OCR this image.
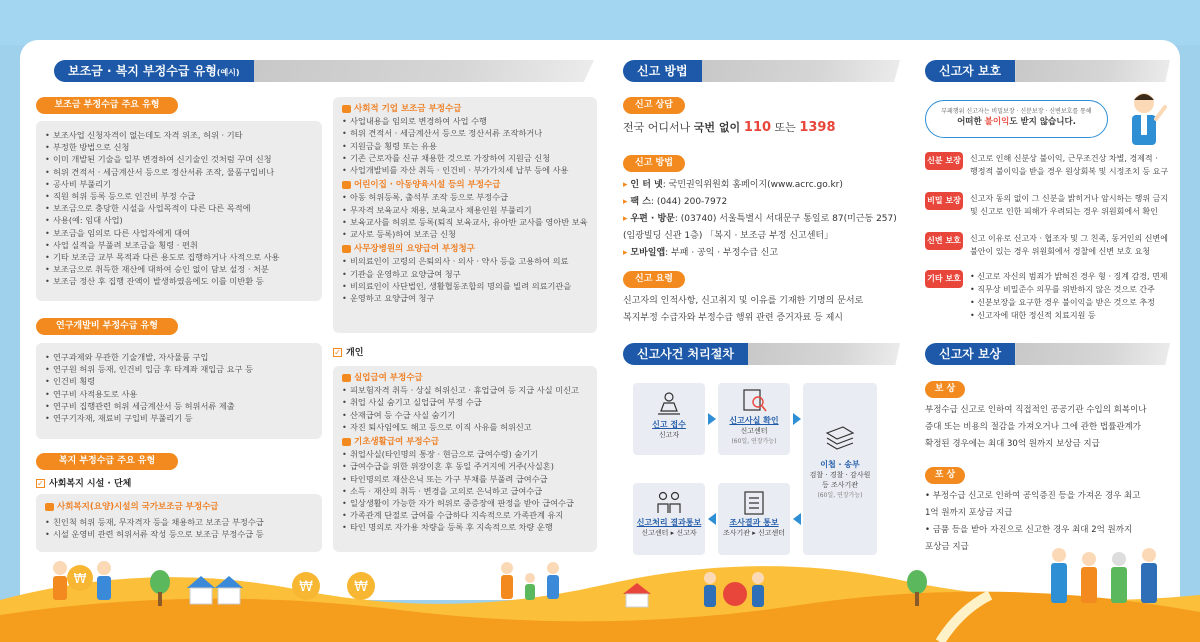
보조금 · 복지 부정수급 유형(예시)
보조금 부정수급 주요 유형
• 보조사업 신청자격이 없는데도 자격 위조, 허위 · 기타
• 부정한 방법으로 신청
• 이미 개발된 기술을 일부 변경하여 신기술인 것처럼 꾸며 신청
• 허위 견적서 · 세금계산서 등으로 정산서류 조작, 물품구입비나
• 공사비 부풀리기
• 직원 허위 등록 등으로 인건비 부정 수급
• 보조금으로 충당한 시설을 사업목적이 다른 다른 목적에
• 사용(예: 임대 사업)
• 보조금을 임의로 다른 사업자에게 대여
• 사업 실적을 부풀려 보조금을 횡령 · 편취
• 기타 보조금 교부 목적과 다른 용도로 집행하거나 사적으로 사용
• 보조금으로 취득한 재산에 대하여 승인 없이 담보 설정 · 처분
• 보조금 정산 후 집행 잔액이 발생하였음에도 이를 미반환 등
연구개발비 부정수급 유형
• 연구과제와 무관한 기술개발, 자사물품 구입
• 연구원 허위 등재, 인건비 입금 후 타계좌 재입금 요구 등
• 인건비 횡령
• 연구비 사적용도로 사용
• 연구비 집행관련 허위 세금계산서 등 허위서류 제출
• 연구기자재, 재료비 구입비 부풀리기 등
복지 부정수급 주요 유형
✓ 사회복지 시설 · 단체
사회복지(요양)시설의 국가보조금 부정수급
• 친인척 허위 등재, 무자격자 등을 채용하고 보조금 부정수급
• 시설 운영비 관련 허위서류 작성 등으로 보조금 부정수급 등
사회적 기업 보조금 부정수급
• 사업내용을 임의로 변경하여 사업 수행
• 허위 견적서 · 세금계산서 등으로 정산서류 조작하거나
• 지원금을 횡령 또는 유용
• 기존 근로자를 신규 채용한 것으로 가장하여 지원금 신청
• 사업개발비를 자산 취득 · 인건비 · 부가가치세 납부 등에 사용
어린이집 · 아동양육시설 등의 부정수급
• 아동 허위등록, 출석부 조작 등으로 부정수급
• 무자격 보육교사 채용, 보육교사 채용인원 부풀리기
• 보육교사를 허위로 등록(퇴직 보육교사, 유아반 교사를 영아반 보육
• 교사로 등록)하여 보조금 신청
사무장병원의 요양급여 부정청구
• 비의료인이 고령의 은퇴의사 · 의사 · 약사 등을 고용하여 의료
• 기관을 운영하고 요양급여 청구
• 비의료인이 사단법인, 생활협동조합의 명의를 빌려 의료기관을
• 운영하고 요양급여 청구
✓ 개인
실업급여 부정수급
• 피보험자격 취득 · 상실 허위신고 · 휴업급여 등 지급 사실 미신고
• 취업 사실 숨기고 실업급여 부정 수급
• 산재급여 등 수급 사실 숨기기
• 자진 퇴사임에도 해고 등으로 이직 사유를 허위신고
기초생활급여 부정수급
• 취업사실(타인명의 통장 · 현금으로 급여수령) 숨기기
• 급여수급을 위한 위장이혼 후 동일 주거지에 거주(사실혼)
• 타인명의로 재산은닉 또는 가구 부채를 부풀려 급여수급
• 소득 · 재산의 취득 · 변경을 고의로 은닉하고 급여수급
• 일상생활이 가능한 자가 허위로 중증장애 판정을 받아 급여수급
• 가족관계 단절로 급여를 수급하다 지속적으로 가족관계 유지
• 타인 명의로 자가용 차량을 등록 후 지속적으로 차량 운행
신고 방법
신고 상담
전국 어디서나 국번 없이 110 또는 1398
신고 방법
▸ 인 터 넷: 국민권익위원회 홈페이지(www.acrc.go.kr)
▸ 팩 스: (044) 200-7972
▸ 우편 · 방문: (03740) 서울특별시 서대문구 통일로 87(미근동 257)
(임광빌딩 신관 1층) 「복지 · 보조금 부정 신고센터」
▸ 모바일앱: 부패 · 공익 · 부정수급 신고
신고 요령
신고자의 인적사항, 신고취지 및 이유를 기재한 기명의 문서로
복지부정 수급자와 부정수급 행위 관련 증거자료 등 제시
신고사건 처리절차
신고 접수
신고자
신고사실 확인
신고센터
(60일, 연장가능)
이첩 · 송부
검찰 · 경찰 · 감사원
등 조사기관
(60일, 연장가능)
조사결과 통보
조사기관 ▸ 신고센터
신고처리 결과통보
신고센터 ▸ 신고자
신고자 보호
부패행위 신고자는 비밀보장 · 신분보장 · 신변보호를 통해
어떠한 불이익도 받지 않습니다.
신분 보장 신고로 인해 신분상 불이익, 근무조건상 차별, 경제적 ·
행정적 불이익을 받을 경우 원상회복 및 시정조치 등 요구
비밀 보장 신고자 동의 없이 그 신분을 밝히거나 암시하는 행위 금지
및 신고로 인한 피해가 우려되는 경우 위원회에서 확인
신변 보호 신고 이유로 신고자 · 협조자 및 그 친족, 동거인의 신변에
불안이 있는 경우 위원회에서 경찰에 신변 보호 요청
기타 보호 • 신고로 자신의 범죄가 밝혀진 경우 형 · 징계 감경, 면제
• 직무상 비밀준수 의무를 위반하지 않은 것으로 간주
• 신분보장을 요구한 경우 불이익을 받은 것으로 추정
• 신고자에 대한 정신적 치료지원 등
신고자 보상
보 상
부정수급 신고로 인하여 직접적인 공공기관 수입의 회복이나
증대 또는 비용의 절감을 가져오거나 그에 관한 법률관계가
확정된 경우에는 최대 30억 원까지 보상금 지급
포 상
• 부정수급 신고로 인하여 공익증진 등을 가져온 경우 최고
1억 원까지 포상금 지급
• 금품 등을 받아 자진으로 신고한 경우 최대 2억 원까지
포상금 지급
₩	₩	₩
